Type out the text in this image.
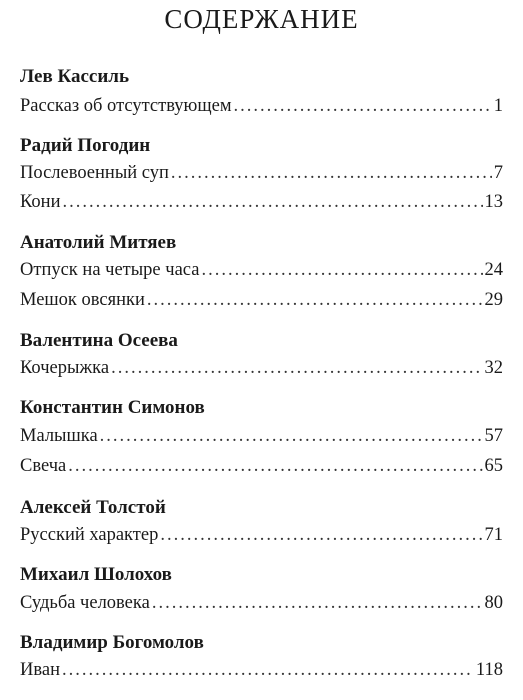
СОДЕРЖАНИЕ
Лев Кассиль
Рассказ об отсутствующем .....	1
Радий Погодин
Послевоенный суп .....	7
Кони .....	13
Анатолий Митяев
Отпуск на четыре часа .....	24
Мешок овсянки .....	29
Валентина Осеева
Кочерыжка .....	32
Константин Симонов
Малышка .....	57
Свеча .....	65
Алексей Толстой
Русский характер .....	71
Михаил Шолохов
Судьба человека .....	80
Владимир Богомолов
Иван .....	118
